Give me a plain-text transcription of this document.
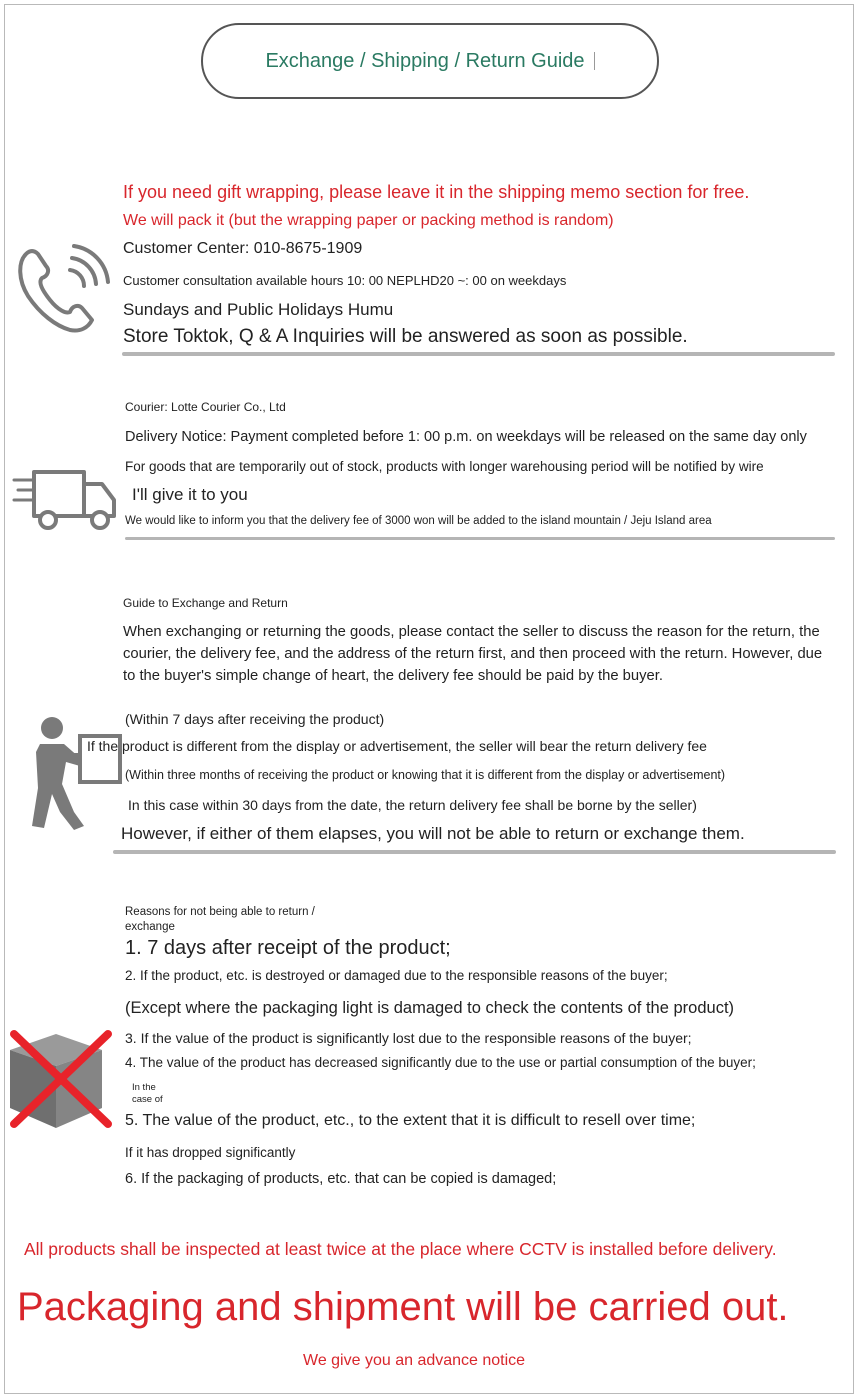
Exchange / Shipping / Return Guide
If you need gift wrapping, please leave it in the shipping memo section for free.
We will pack it (but the wrapping paper or packing method is random)
Customer Center: 010-8675-1909
Customer consultation available hours 10: 00 NEPLHD20 ~: 00 on weekdays
Sundays and Public Holidays Humu
Store Toktok, Q & A Inquiries will be answered as soon as possible.
Courier: Lotte Courier Co., Ltd
Delivery Notice: Payment completed before 1: 00 p.m. on weekdays will be released on the same day only
For goods that are temporarily out of stock, products with longer warehousing period will be notified by wire
I'll give it to you
We would like to inform you that the delivery fee of 3000 won will be added to the island mountain / Jeju Island area
Guide to Exchange and Return
When exchanging or returning the goods, please contact the seller to discuss the reason for the return, the courier, the delivery fee, and the address of the return first, and then proceed with the return. However, due to the buyer's simple change of heart, the delivery fee should be paid by the buyer.
(Within 7 days after receiving the product)
If the product is different from the display or advertisement, the seller will bear the return delivery fee
(Within three months of receiving the product or knowing that it is different from the display or advertisement)
In this case within 30 days from the date, the return delivery fee shall be borne by the seller)
However, if either of them elapses, you will not be able to return or exchange them.
Reasons for not being able to return /
exchange
1. 7 days after receipt of the product;
2. If the product, etc. is destroyed or damaged due to the responsible reasons of the buyer;
(Except where the packaging light is damaged to check the contents of the product)
3. If the value of the product is significantly lost due to the responsible reasons of the buyer;
4. The value of the product has decreased significantly due to the use or partial consumption of the buyer;
In the
case of
5. The value of the product, etc., to the extent that it is difficult to resell over time;
If it has dropped significantly
6. If the packaging of products, etc. that can be copied is damaged;
All products shall be inspected at least twice at the place where CCTV is installed before delivery.
Packaging and shipment will be carried out.
We give you an advance notice
